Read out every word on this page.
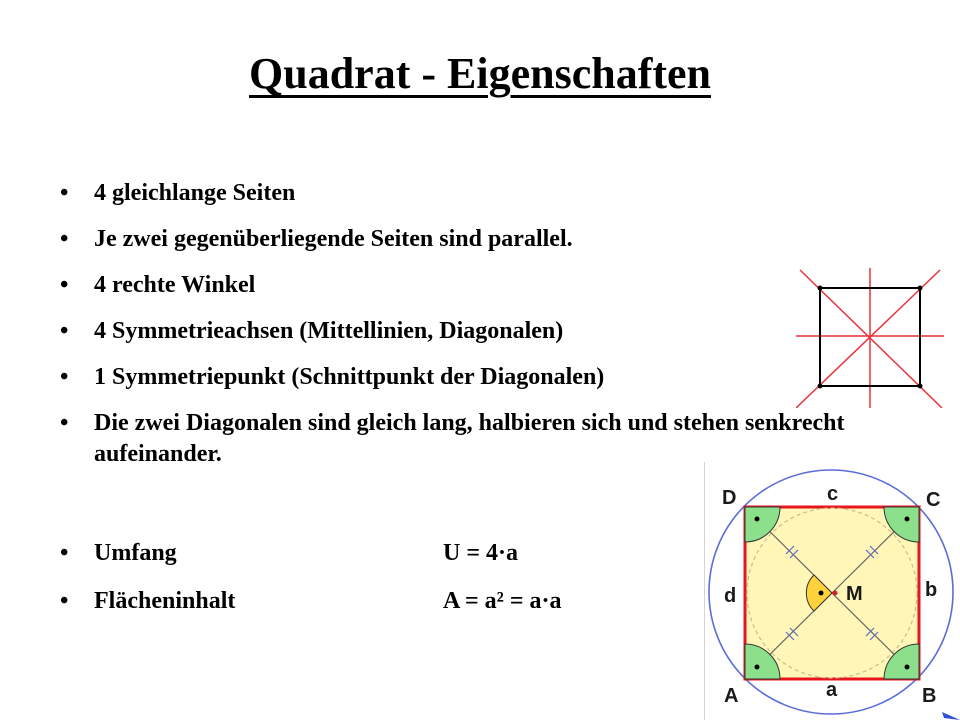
Quadrat - Eigenschaften
• 4 gleichlange Seiten
• Je zwei gegenüberliegende Seiten sind parallel.
• 4 rechte Winkel
• 4 Symmetrieachsen (Mittellinien, Diagonalen)
• 1 Symmetriepunkt (Schnittpunkt der Diagonalen)
• Die zwei Diagonalen sind gleich lang, halbieren sich und stehen senkrecht aufeinander.
• Umfang	U = 4·a
• Flächeninhalt	A = a² = a·a
D	C
A	B
c
b
d
a
M
